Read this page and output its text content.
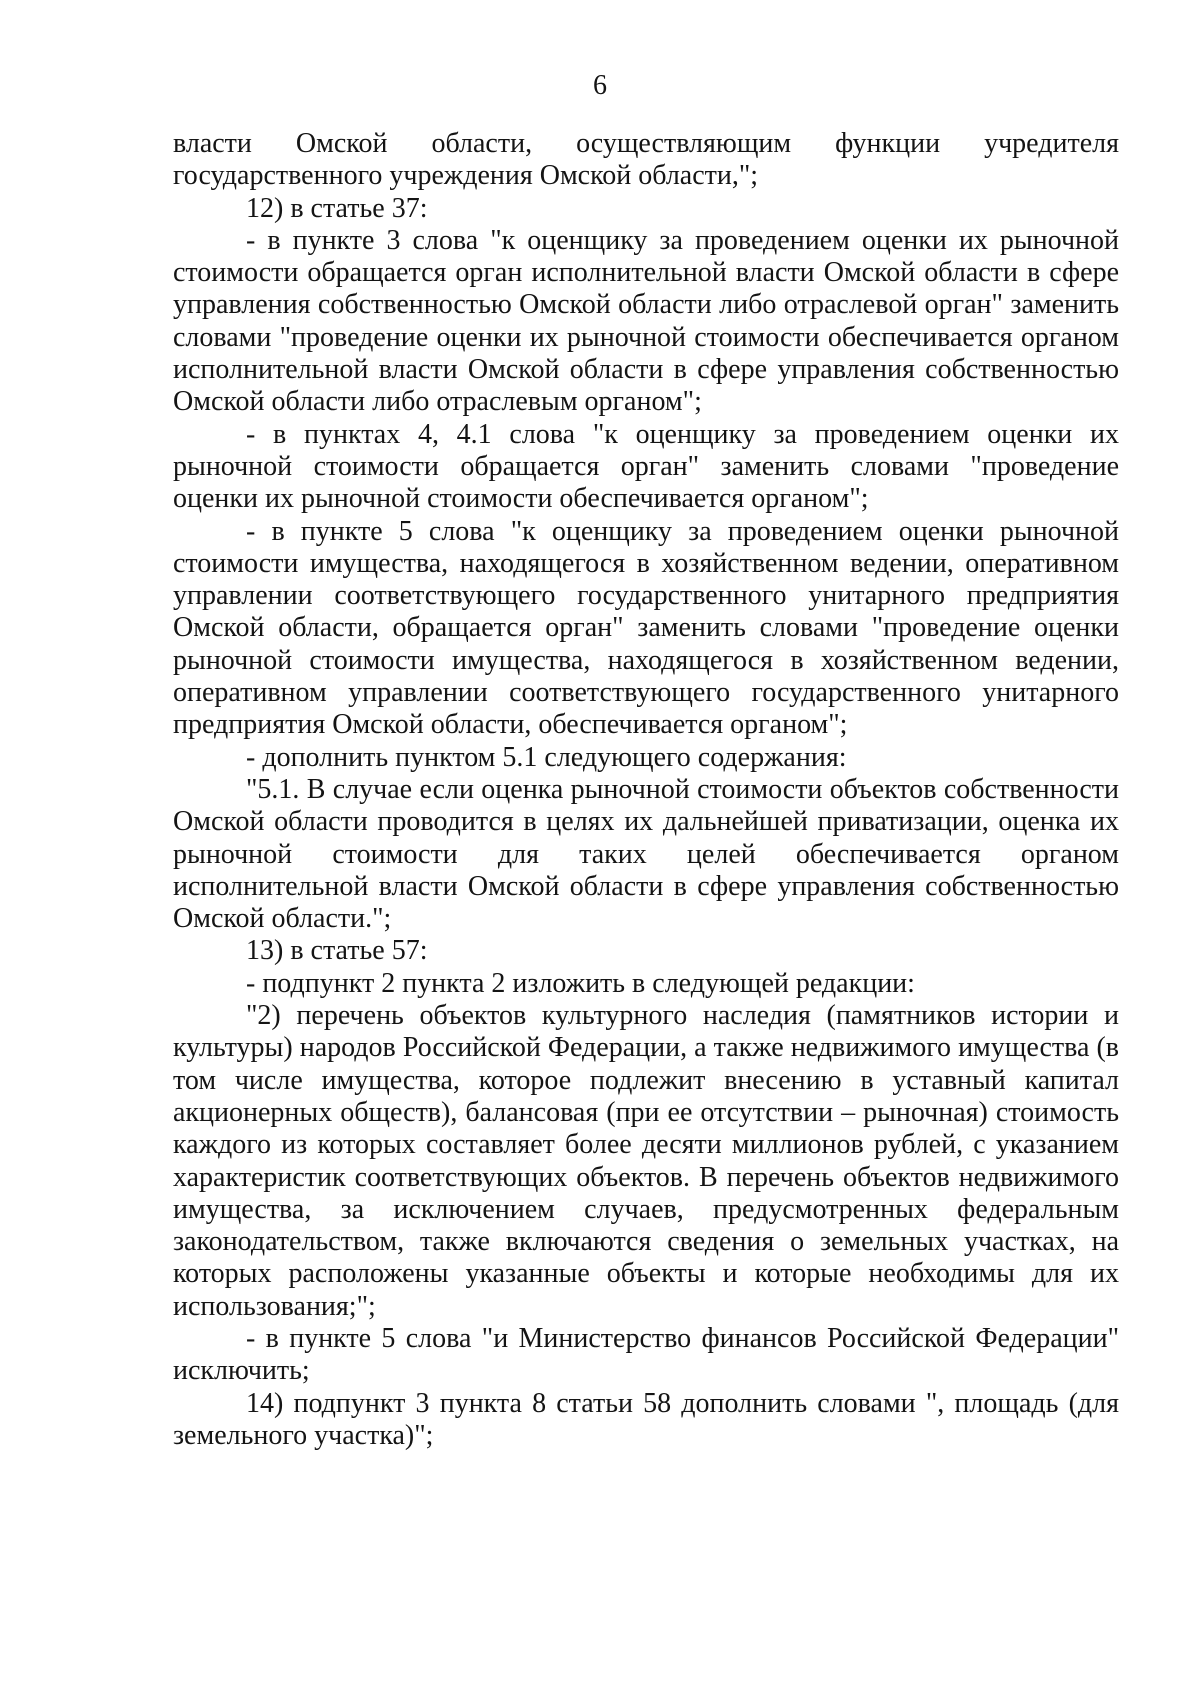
6

власти Омской области, осуществляющим функции учредителя государственного учреждения Омской области,";

12) в статье 37:

- в пункте 3 слова "к оценщику за проведением оценки их рыночной стоимости обращается орган исполнительной власти Омской области в сфере управления собственностью Омской области либо отраслевой орган" заменить словами "проведение оценки их рыночной стоимости обеспечивается органом исполнительной власти Омской области в сфере управления собственностью Омской области либо отраслевым органом";

- в пунктах 4, 4.1 слова "к оценщику за проведением оценки их рыночной стоимости обращается орган" заменить словами "проведение оценки их рыночной стоимости обеспечивается органом";

- в пункте 5 слова "к оценщику за проведением оценки рыночной стоимости имущества, находящегося в хозяйственном ведении, оперативном управлении соответствующего государственного унитарного предприятия Омской области, обращается орган" заменить словами "проведение оценки рыночной стоимости имущества, находящегося в хозяйственном ведении, оперативном управлении соответствующего государственного унитарного предприятия Омской области, обеспечивается органом";

- дополнить пунктом 5.1 следующего содержания:

"5.1. В случае если оценка рыночной стоимости объектов собственности Омской области проводится в целях их дальнейшей приватизации, оценка их рыночной стоимости для таких целей обеспечивается органом исполнительной власти Омской области в сфере управления собственностью Омской области.";

13) в статье 57:

- подпункт 2 пункта 2 изложить в следующей редакции:

"2) перечень объектов культурного наследия (памятников истории и культуры) народов Российской Федерации, а также недвижимого имущества (в том числе имущества, которое подлежит внесению в уставный капитал акционерных обществ), балансовая (при ее отсутствии – рыночная) стоимость каждого из которых составляет более десяти миллионов рублей, с указанием характеристик соответствующих объектов. В перечень объектов недвижимого имущества, за исключением случаев, предусмотренных федеральным законодательством, также включаются сведения о земельных участках, на которых расположены указанные объекты и которые необходимы для их использования;";

- в пункте 5 слова "и Министерство финансов Российской Федерации" исключить;

14) подпункт 3 пункта 8 статьи 58 дополнить словами ", площадь (для земельного участка)";
